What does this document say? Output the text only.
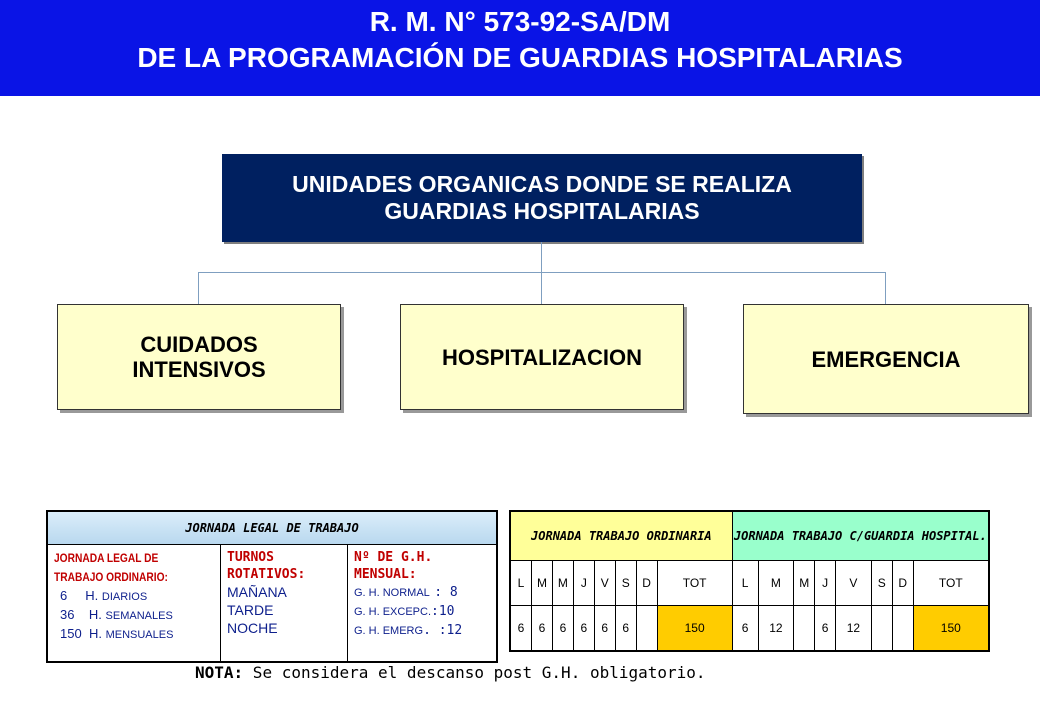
R. M. N° 573-92-SA/DM
DE LA PROGRAMACIÓN DE GUARDIAS HOSPITALARIAS
UNIDADES ORGANICAS DONDE SE REALIZA
GUARDIAS HOSPITALARIAS
CUIDADOS
INTENSIVOS	HOSPITALIZACION	EMERGENCIA
JORNADA LEGAL DE TRABAJO

JORNADA LEGAL DE
TRABAJO ORDINARIO:
6 H. DIARIOS
36 H. SEMANALES
150 H. MENSUALES

TURNOS
ROTATIVOS:
MAÑANA
TARDE
NOCHE

Nº DE G.H.
MENSUAL:
G. H. NORMAL : 8
G. H. EXCEPC.:10
G. H. EMERG. :12
JORNADA TRABAJO ORDINARIA								JORNADA TRABAJO C/GUARDIA HOSPITAL.							
L	M	M	J	V	S	D	TOT	L	M	M	J	V	S	D	TOT
6	6	6	6	6	6		150	6	12		6	12			150
NOTA: Se considera el descanso post G.H. obligatorio.
